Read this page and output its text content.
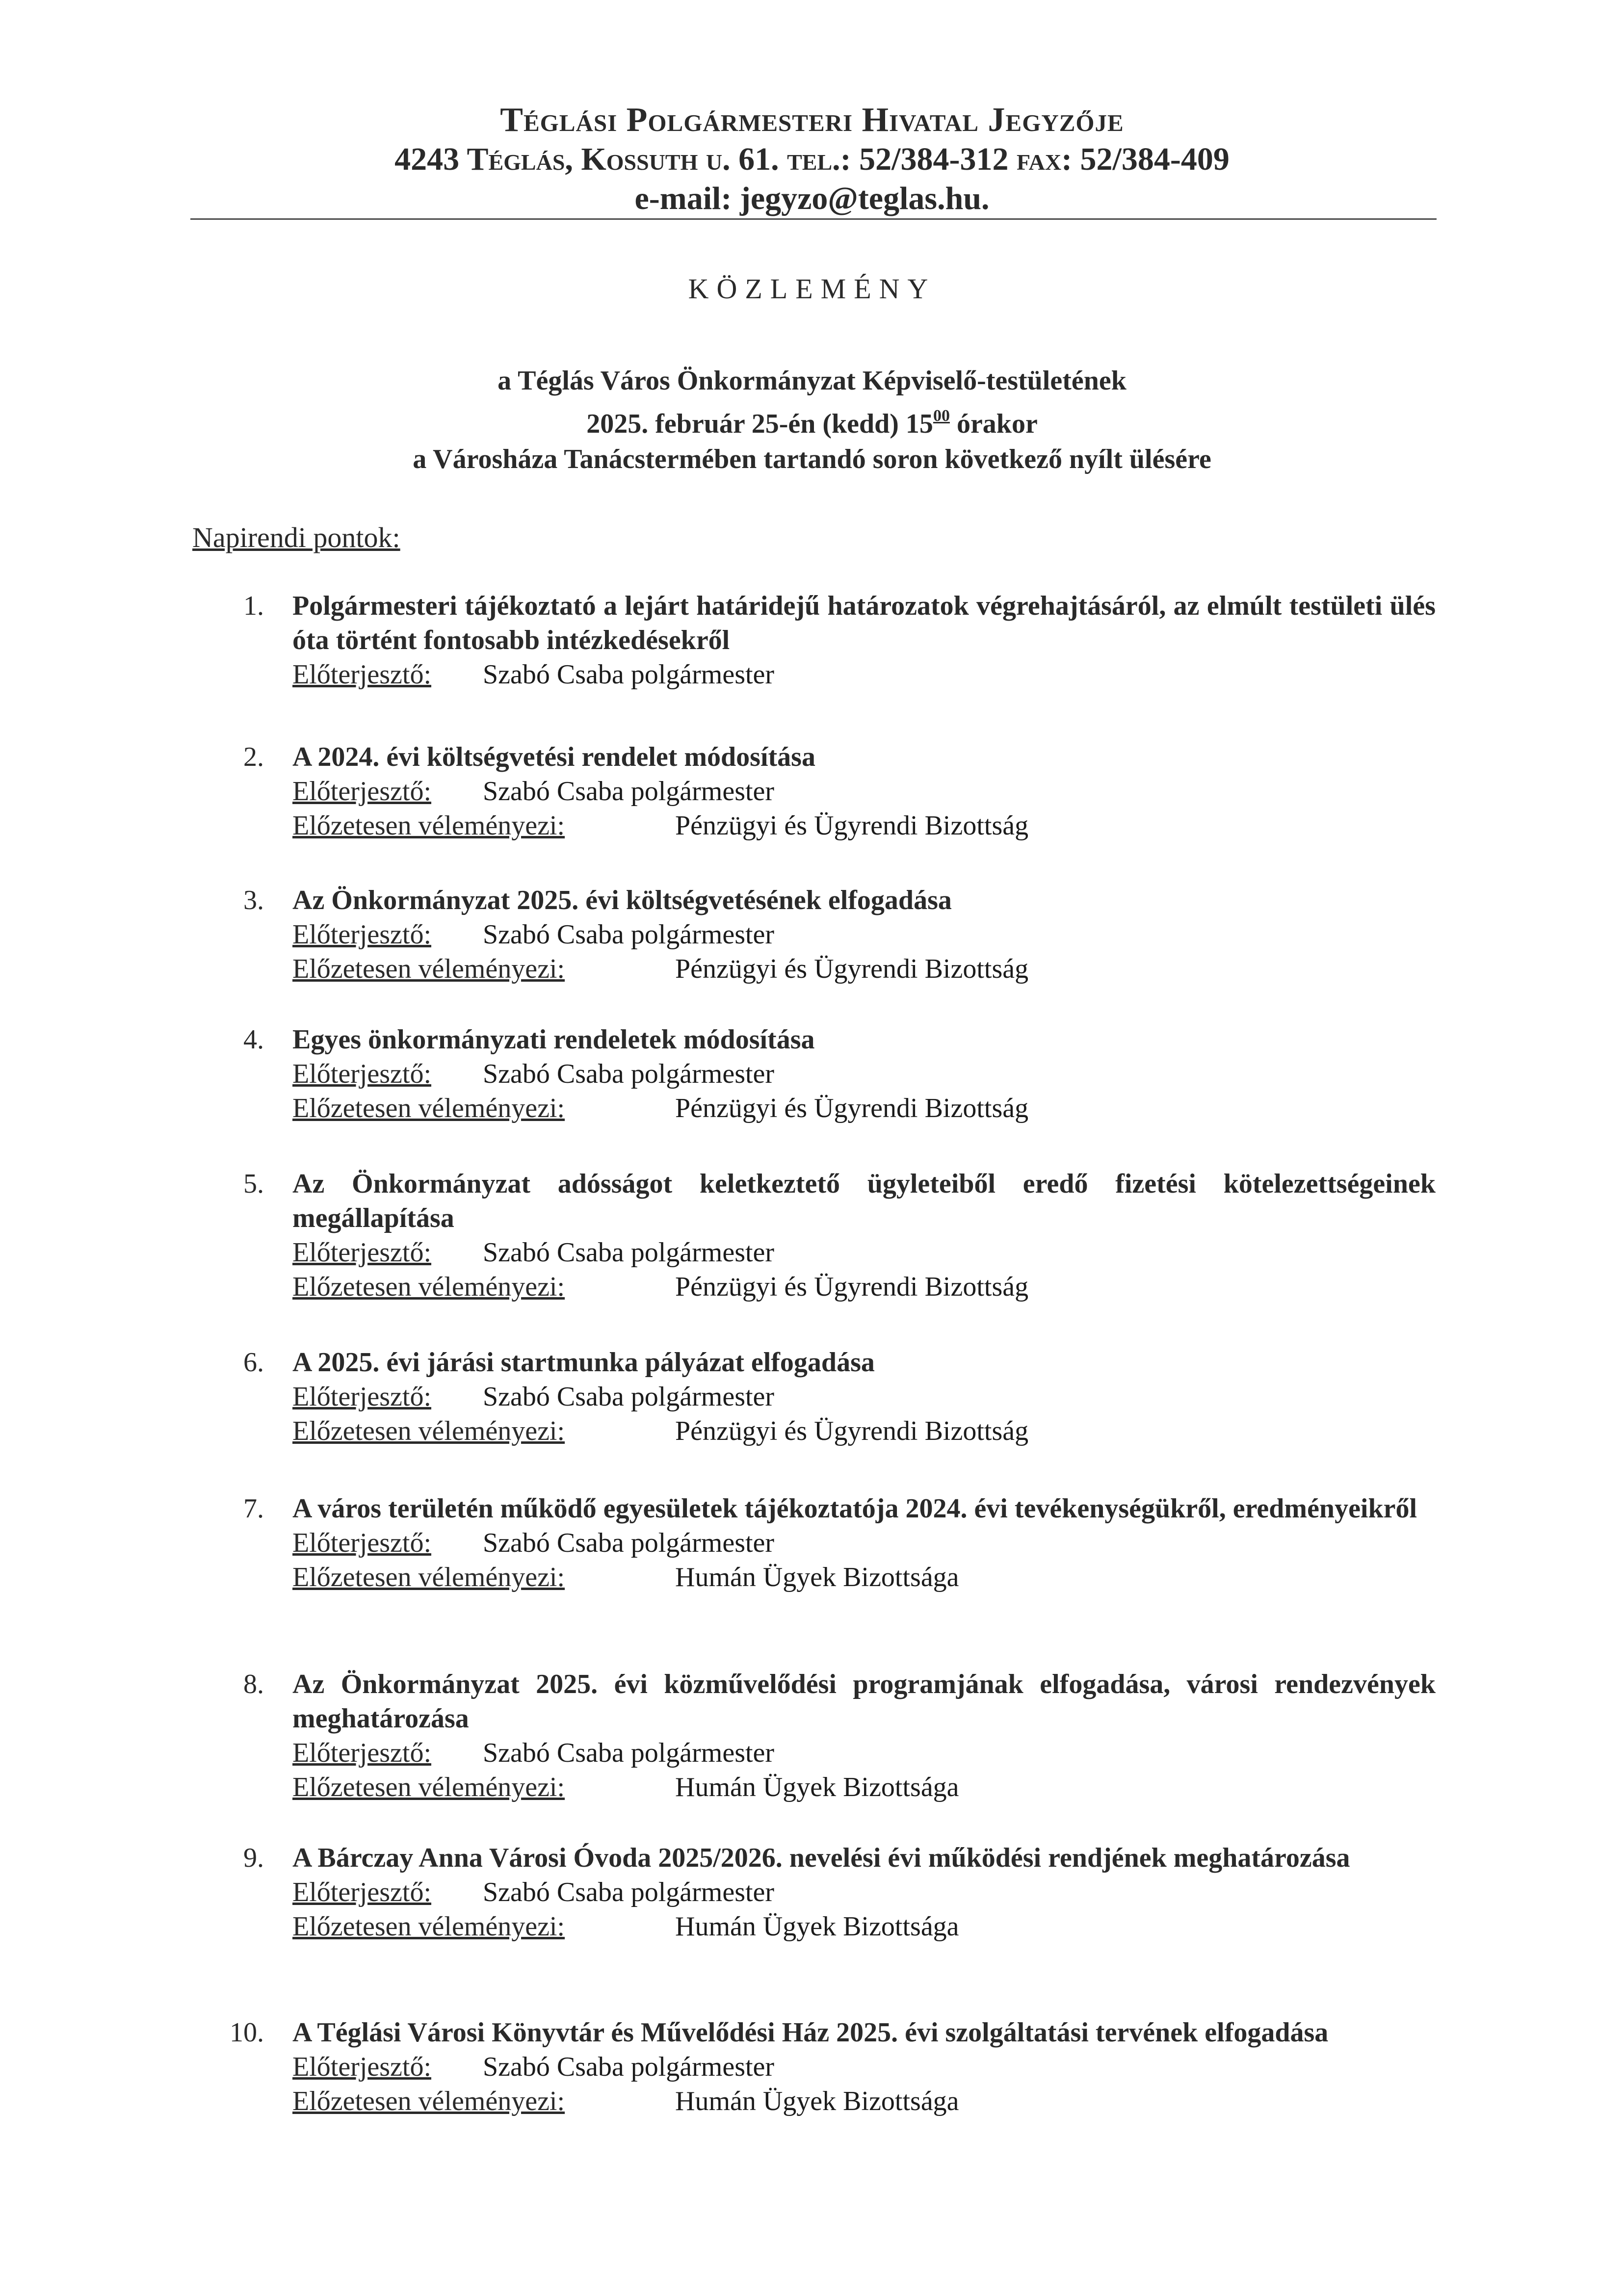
Téglási Polgármesteri Hivatal Jegyzője
4243 Téglás, Kossuth u. 61. tel.: 52/384-312 fax: 52/384-409
e-mail: jegyzo@teglas.hu.
KÖZLEMÉNY
a Téglás Város Önkormányzat Képviselő-testületének
2025. február 25-én (kedd) $15^{00}$ órakor
a Városháza Tanácstermében tartandó soron következő nyílt ülésére
Napirendi pontok:
1. Polgármesteri tájékoztató a lejárt határidejű határozatok végrehajtásáról, az elmúlt testületi ülés óta történt fontosabb intézkedésekről
Előterjesztő: Szabó Csaba polgármester
2. A 2024. évi költségvetési rendelet módosítása
Előterjesztő: Szabó Csaba polgármester
Előzetesen véleményezi:	Pénzügyi és Ügyrendi Bizottság
3. Az Önkormányzat 2025. évi költségvetésének elfogadása
Előterjesztő: Szabó Csaba polgármester
Előzetesen véleményezi:	Pénzügyi és Ügyrendi Bizottság
4. Egyes önkormányzati rendeletek módosítása
Előterjesztő: Szabó Csaba polgármester
Előzetesen véleményezi:	Pénzügyi és Ügyrendi Bizottság
5. Az Önkormányzat adósságot keletkeztető ügyleteiből eredő fizetési kötelezettségeinek megállapítása
Előterjesztő: Szabó Csaba polgármester
Előzetesen véleményezi:	Pénzügyi és Ügyrendi Bizottság
6. A 2025. évi járási startmunka pályázat elfogadása
Előterjesztő: Szabó Csaba polgármester
Előzetesen véleményezi:	Pénzügyi és Ügyrendi Bizottság
7. A város területén működő egyesületek tájékoztatója 2024. évi tevékenységükről, eredményeikről
Előterjesztő: Szabó Csaba polgármester
Előzetesen véleményezi:	Humán Ügyek Bizottsága
8. Az Önkormányzat 2025. évi közművelődési programjának elfogadása, városi rendezvények meghatározása
Előterjesztő: Szabó Csaba polgármester
Előzetesen véleményezi:	Humán Ügyek Bizottsága
9. A Bárczay Anna Városi Óvoda 2025/2026. nevelési évi működési rendjének meghatározása
Előterjesztő: Szabó Csaba polgármester
Előzetesen véleményezi:	Humán Ügyek Bizottsága
10. A Téglási Városi Könyvtár és Művelődési Ház 2025. évi szolgáltatási tervének elfogadása
Előterjesztő: Szabó Csaba polgármester
Előzetesen véleményezi:	Humán Ügyek Bizottsága
